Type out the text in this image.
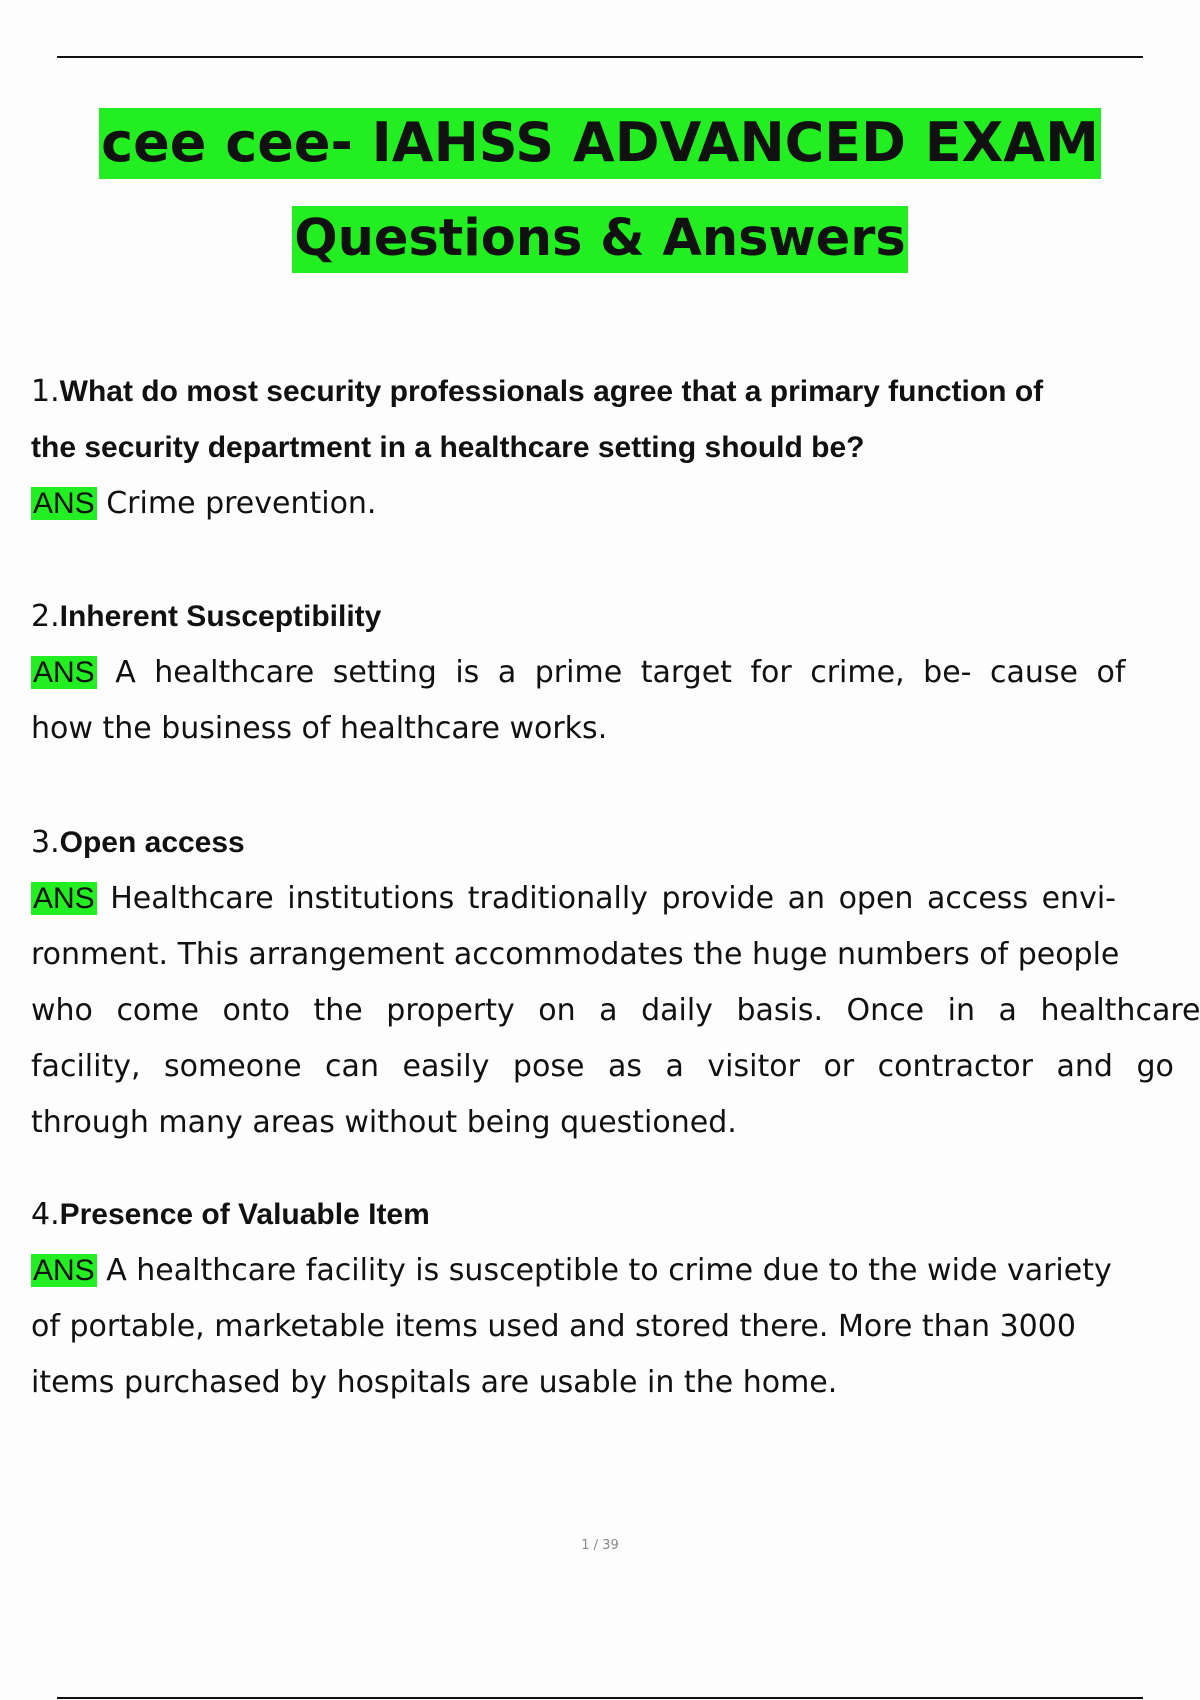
cee cee- IAHSS ADVANCED EXAM
Questions & Answers

1.What do most security professionals agree that a primary function of

the security department in a healthcare setting should be?

ANS Crime prevention.

2.Inherent Susceptibility

ANS A healthcare setting is a prime target for crime, be- cause of

how the business of healthcare works.

3.Open access

ANS Healthcare institutions traditionally provide an open access envi-

ronment. This arrangement accommodates the huge numbers of people

who come onto the property on a daily basis. Once in a healthcare

facility, someone can easily pose as a visitor or contractor and go

through many areas without being questioned.

4.Presence of Valuable Item

ANS A healthcare facility is susceptible to crime due to the wide variety

of portable, marketable items used and stored there. More than 3000

items purchased by hospitals are usable in the home.

1 / 39
